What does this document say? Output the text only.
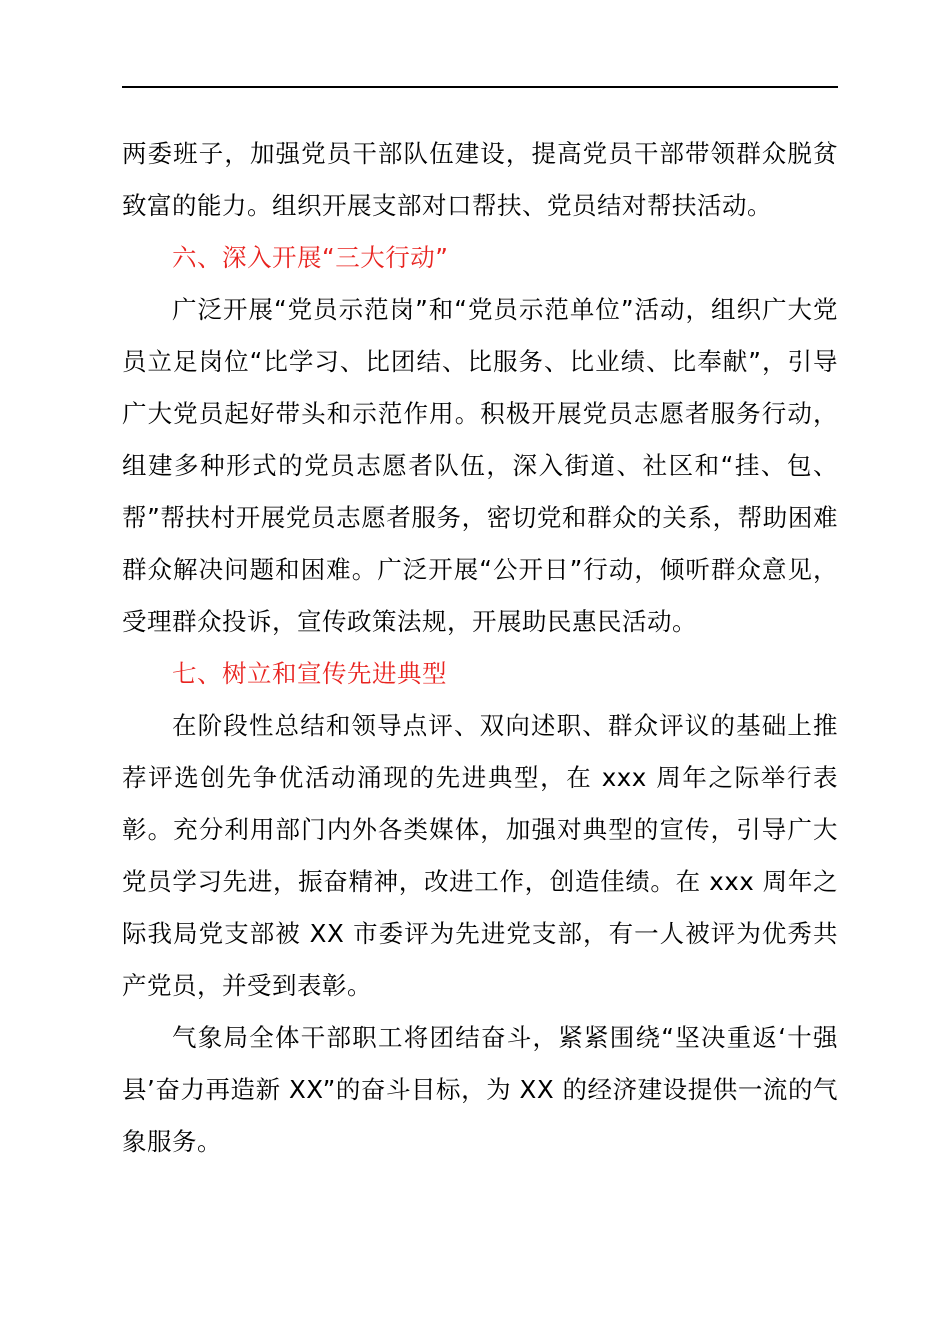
两委班子，加强党员干部队伍建设，提高党员干部带领群众脱贫致富的能力。组织开展支部对口帮扶、党员结对帮扶活动。

六、深入开展“三大行动”

广泛开展“党员示范岗”和“党员示范单位”活动，组织广大党员立足岗位“比学习、比团结、比服务、比业绩、比奉献”，引导广大党员起好带头和示范作用。积极开展党员志愿者服务行动，组建多种形式的党员志愿者队伍，深入街道、社区和“挂、包、帮”帮扶村开展党员志愿者服务，密切党和群众的关系，帮助困难群众解决问题和困难。广泛开展“公开日”行动，倾听群众意见，受理群众投诉，宣传政策法规，开展助民惠民活动。

七、树立和宣传先进典型

在阶段性总结和领导点评、双向述职、群众评议的基础上推荐评选创先争优活动涌现的先进典型，在 xxx 周年之际举行表彰。充分利用部门内外各类媒体，加强对典型的宣传，引导广大党员学习先进，振奋精神，改进工作，创造佳绩。在 xxx 周年之际我局党支部被 XX 市委评为先进党支部，有一人被评为优秀共产党员，并受到表彰。

气象局全体干部职工将团结奋斗，紧紧围绕“坚决重返‘十强县’奋力再造新 XX”的奋斗目标，为 XX 的经济建设提供一流的气象服务。
